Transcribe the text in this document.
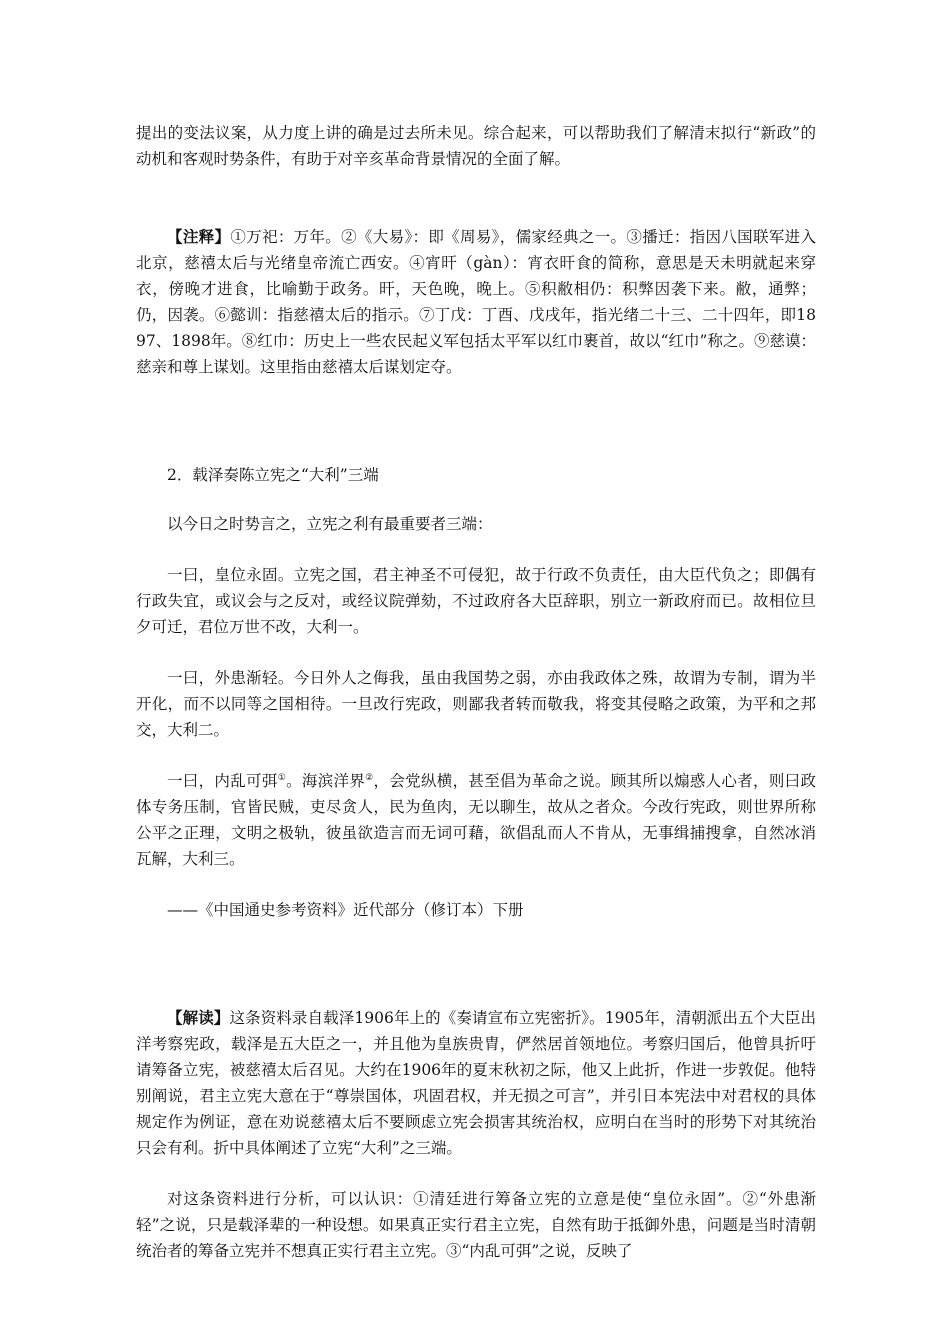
提出的变法议案，从力度上讲的确是过去所未见。综合起来，可以帮助我们了解清末拟行“新政”的动机和客观时势条件，有助于对辛亥革命背景情况的全面了解。

【注释】①万祀：万年。②《大易》：即《周易》，儒家经典之一。③播迁：指因八国联军进入北京，慈禧太后与光绪皇帝流亡西安。④宵旰（gàn）：宵衣旰食的简称，意思是天未明就起来穿衣，傍晚才进食，比喻勤于政务。旰，天色晚，晚上。⑤积敝相仍：积弊因袭下来。敝，通弊；仍，因袭。⑥懿训：指慈禧太后的指示。⑦丁戊：丁酉、戊戌年，指光绪二十三、二十四年，即1897、1898年。⑧红巾：历史上一些农民起义军包括太平军以红巾裹首，故以“红巾”称之。⑨慈谟：慈亲和尊上谋划。这里指由慈禧太后谋划定夺。

2．载泽奏陈立宪之“大利”三端

以今日之时势言之，立宪之利有最重要者三端：

一曰，皇位永固。立宪之国，君主神圣不可侵犯，故于行政不负责任，由大臣代负之；即偶有行政失宜，或议会与之反对，或经议院弹劾，不过政府各大臣辞职，别立一新政府而已。故相位旦夕可迁，君位万世不改，大利一。

一曰，外患渐轻。今日外人之侮我，虽由我国势之弱，亦由我政体之殊，故谓为专制，谓为半开化，而不以同等之国相待。一旦改行宪政，则鄙我者转而敬我，将变其侵略之政策，为平和之邦交，大利二。

一曰，内乱可弭①。海滨洋界②，会党纵横，甚至倡为革命之说。顾其所以煽惑人心者，则曰政体专务压制，官皆民贼，吏尽贪人，民为鱼肉，无以聊生，故从之者众。今改行宪政，则世界所称公平之正理，文明之极轨，彼虽欲造言而无词可藉，欲倡乱而人不肯从，无事缉捕搜拿，自然冰消瓦解，大利三。

——《中国通史参考资料》近代部分（修订本）下册

【解读】这条资料录自载泽1906年上的《奏请宣布立宪密折》。1905年，清朝派出五个大臣出洋考察宪政，载泽是五大臣之一，并且他为皇族贵胄，俨然居首领地位。考察归国后，他曾具折吁请筹备立宪，被慈禧太后召见。大约在1906年的夏末秋初之际，他又上此折，作进一步敦促。他特别阐说，君主立宪大意在于“尊崇国体，巩固君权，并无损之可言”，并引日本宪法中对君权的具体规定作为例证，意在劝说慈禧太后不要顾虑立宪会损害其统治权，应明白在当时的形势下对其统治只会有利。折中具体阐述了立宪“大利”之三端。

对这条资料进行分析，可以认识：①清廷进行筹备立宪的立意是使“皇位永固”。②“外患渐轻”之说，只是载泽辈的一种设想。如果真正实行君主立宪，自然有助于抵御外患，问题是当时清朝统治者的筹备立宪并不想真正实行君主立宪。③“内乱可弭”之说，反映了
